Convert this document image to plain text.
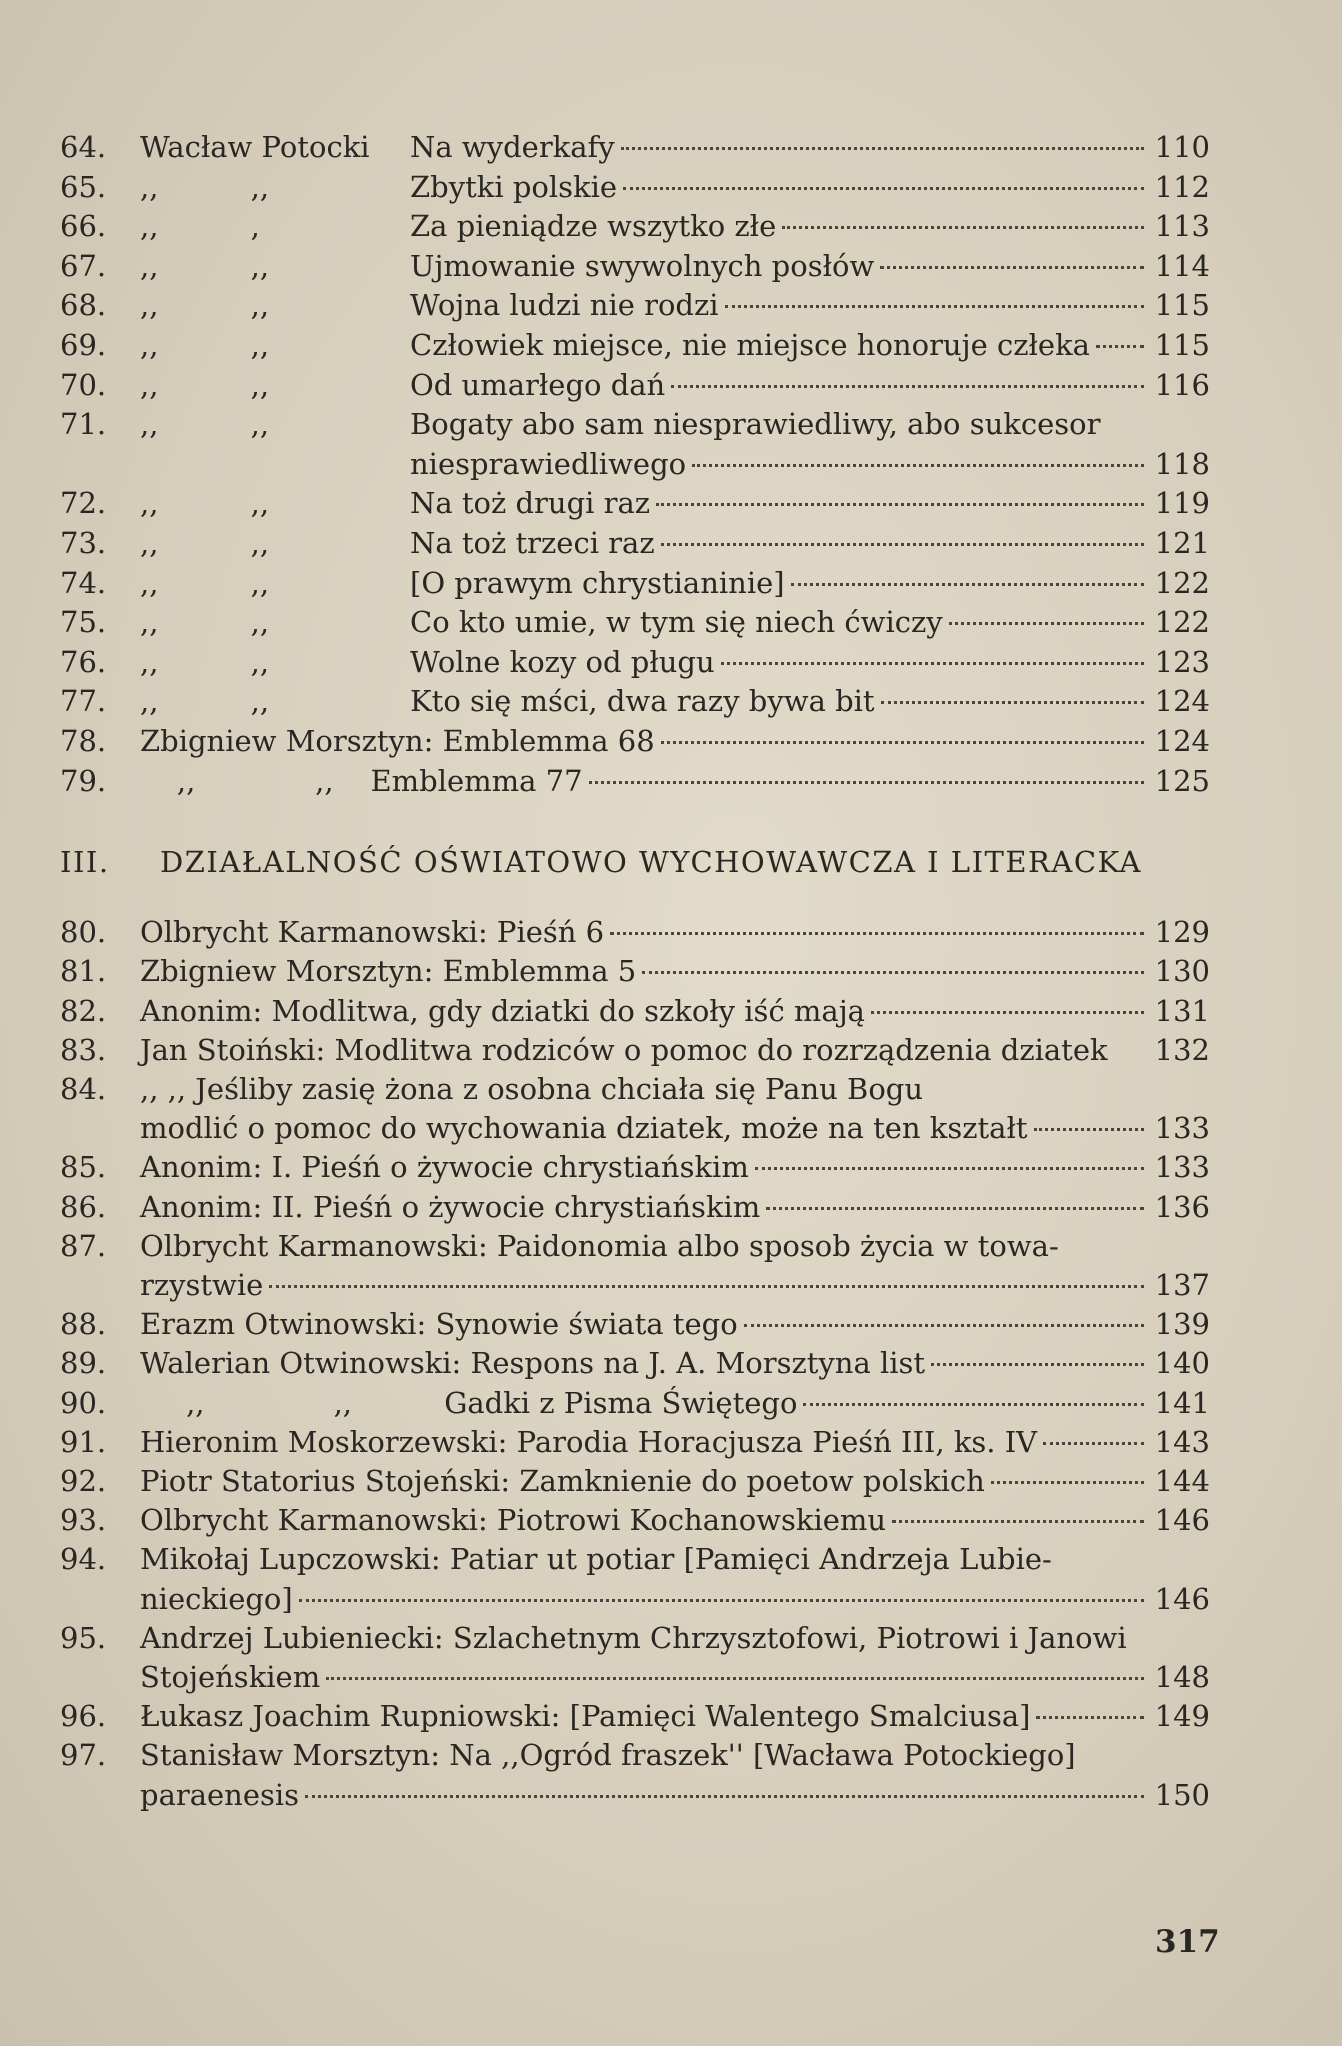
64.	Wacław Potocki	Na wyderkafy	110
65.	,,          ,,	Zbytki polskie	112
66.	,,          ,	Za pieniądze wszytko złe	113
67.	,,          ,,	Ujmowanie swywolnych posłów	114
68.	,,          ,,	Wojna ludzi nie rodzi	115
69.	,,          ,,	Człowiek miejsce, nie miejsce honoruje człeka 115
70.	,,          ,,	Od umarłego dań	116
71.	,,          ,,	Bogaty abo sam niesprawiedliwy, abo sukcesor
niesprawiedliwego	118
72.	,,          ,,	Na toż drugi raz	119
73.	,,          ,,	Na toż trzeci raz	121
74.	,,          ,,	[O prawym chrystianinie]	122
75.	,,          ,,	Co kto umie, w tym się niech ćwiczy	122
76.	,,          ,,	Wolne kozy od pługu	123
77.	,,          ,,	Kto się mści, dwa razy bywa bit	124
78.	Zbigniew Morsztyn: Emblemma 68	124
79.	,,             ,,    Emblemma 77	125
III.	DZIAŁALNOŚĆ OŚWIATOWO WYCHOWAWCZA I LITERACKA
80.	Olbrycht Karmanowski: Pieśń 6	129
81.	Zbigniew Morsztyn: Emblemma 5	130
82.	Anonim: Modlitwa, gdy dziatki do szkoły iść mają	131
83.	Jan Stoiński: Modlitwa rodziców o pomoc do rozrządzenia dziatek 132
84.	,, ,, Jeśliby zasię żona z osobna chciała się Panu Bogu
modlić o pomoc do wychowania dziatek, może na ten kształt	133
85.	Anonim: I. Pieśń o żywocie chrystiańskim	133
86.	Anonim: II. Pieśń o żywocie chrystiańskim	136
87.	Olbrycht Karmanowski: Paidonomia albo sposob życia w towa-
rzystwie	137
88.	Erazm Otwinowski: Synowie świata tego	139
89.	Walerian Otwinowski: Respons na J. A. Morsztyna list	140
90.	,,              ,,          Gadki z Pisma Świętego	141
91.	Hieronim Moskorzewski: Parodia Horacjusza Pieśń III, ks. IV	143
92.	Piotr Statorius Stojeński: Zamknienie do poetow polskich	144
93.	Olbrycht Karmanowski: Piotrowi Kochanowskiemu	146
94.	Mikołaj Lupczowski: Patiar ut potiar [Pamięci Andrzeja Lubie-
nieckiego]	146
95.	Andrzej Lubieniecki: Szlachetnym Chrzysztofowi, Piotrowi i Janowi
Stojeńskiem	148
96.	Łukasz Joachim Rupniowski: [Pamięci Walentego Smalciusa]	149
97.	Stanisław Morsztyn: Na ,,Ogród fraszek'' [Wacława Potockiego]
paraenesis	150
317
